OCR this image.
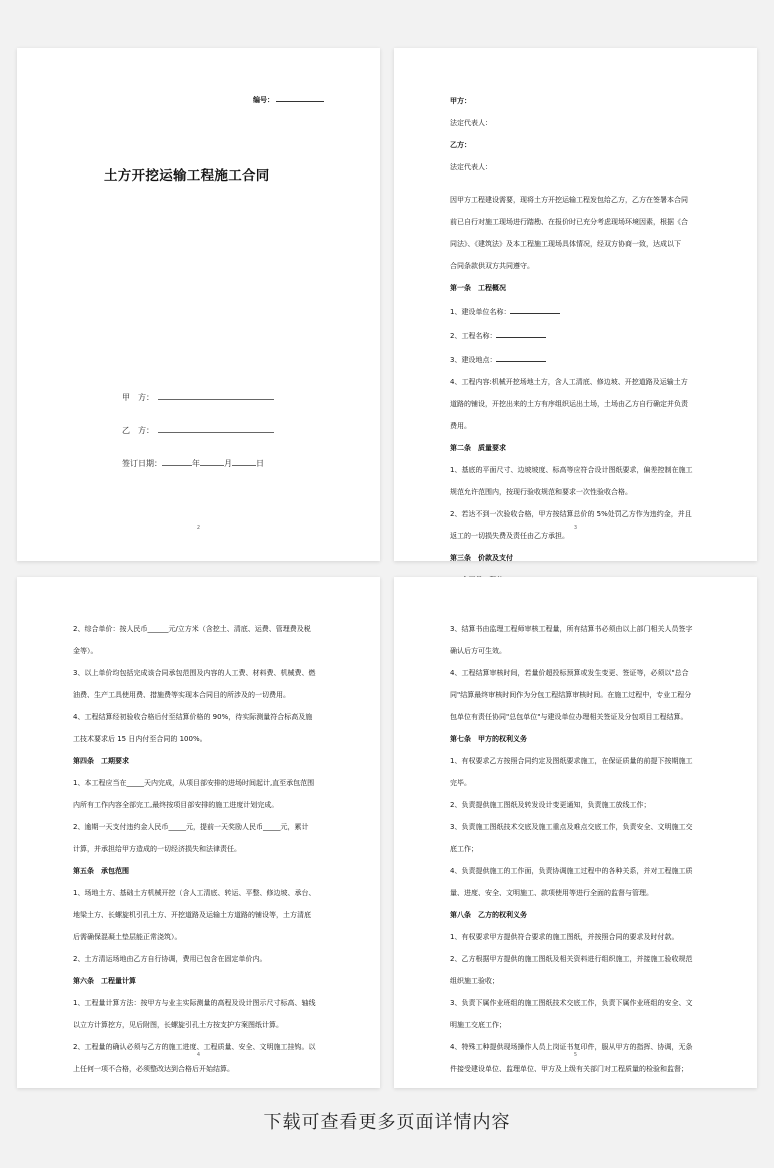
编号：
土方开挖运输工程施工合同
甲　方：
乙　方：
签订日期：	年	月	日
2

甲方：

法定代表人：

乙方：

法定代表人：

因甲方工程建设需要，现将土方开挖运输工程发包给乙方，乙方在签署本合同

前已自行对施工现场进行踏勘、在报价时已充分考虑现场环境因素，根据《合

同法》、《建筑法》及本工程施工现场具体情况，经双方协商一致，达成以下

合同条款供双方共同遵守。

第一条　工程概况

1、建设单位名称：

2、工程名称：

3、建设地点：

4、工程内容:机械开挖场地土方，含人工清底、修边坡、开挖道路及运输土方

道路的铺设，开挖出来的土方有序组织运出土场，土场由乙方自行确定并负责

费用。

第二条　质量要求

1、基底的平面尺寸、边坡坡度、标高等应符合设计图纸要求，偏差控制在施工

规范允许范围内，按现行验收规范和要求一次性验收合格。

2、若达不到一次验收合格，甲方按结算总价的 5%处罚乙方作为违约金，并且

返工的一切损失费及责任由乙方承担。

第三条　价款及支付

3

2、综合单价：按人民币______元/立方米（含挖土、清底、运费、管理费及税

金等）。

3、以上单价均包括完成该合同承包范围及内容的人工费、材料费、机械费、燃

油费、生产工具使用费、措施费等实现本合同目的所涉及的一切费用。

4、工程结算经初验收合格后付至结算价格的 90%，待实际测量符合标高及施

工技术要求后 15 日内付至合同的 100%。

第四条　工期要求

1、本工程应当在_____天内完成，从项目部安排的进场时间起计,直至承包范围

内所有工作内容全部完工,最终按项目部安排的施工进度计划完成。

2、逾期一天支付违约金人民币_____元，提前一天奖励人民币_____元，累计

计算，并承担给甲方造成的一切经济损失和法律责任。

第五条　承包范围

1、场地土方、基础土方机械开挖（含人工清底、转运、平整、修边坡、承台、

地梁土方、长螺旋机引孔土方、开挖道路及运输土方道路的铺设等，土方清底

后需确保混凝土垫层能正常浇筑）。

2、土方清运场地由乙方自行协调，费用已包含在固定单价内。

第六条　工程量计算

1、工程量计算方法：按甲方与业主实际测量的高程及设计图示尺寸标高、轴线

以立方计算挖方，见后附图，长螺旋引孔土方按支护方案图纸计算。

2、工程量的确认必须与乙方的施工进度、工程质量、安全、文明施工挂钩。以

上任何一项不合格，必须整改达到合格后开始结算。

4

3、结算书由监理工程师审核工程量，所有结算书必须由以上部门相关人员签字

确认后方可生效。

4、工程结算审核时间，若量价超投标预算或发生变更、签证等，必须以"总合

同"结算最终审核时间作为分包工程结算审核时间。在施工过程中，专业工程分

包单位有责任协同"总包单位"与建设单位办理相关签证及分包项目工程结算。

第七条　甲方的权利义务

1、有权要求乙方按照合同约定及图纸要求施工，在保证质量的前提下按期施工

完毕。

2、负责提供施工图纸及转发设计变更通知，负责施工放线工作；

3、负责施工图纸技术交底及施工重点及难点交底工作，负责安全、文明施工交

底工作；

4、负责提供施工的工作面，负责协调施工过程中的各种关系，并对工程施工质

量、进度、安全、文明施工、款项使用等进行全面的监督与管理。

第八条　乙方的权利义务

1、有权要求甲方提供符合要求的施工图纸，并按照合同的要求及时付款。

2、乙方根据甲方提供的施工图纸及相关资料进行组织施工，并接施工验收规范

组织施工验收；

3、负责下属作业班组的施工图纸技术交底工作，负责下属作业班组的安全、文

明施工交底工作；

4、特殊工种提供现场操作人员上岗证书复印件，服从甲方的指挥、协调，无条

件接受建设单位、监理单位、甲方及上级有关部门对工程质量的检验和监督；

5
下载可查看更多页面详情内容
